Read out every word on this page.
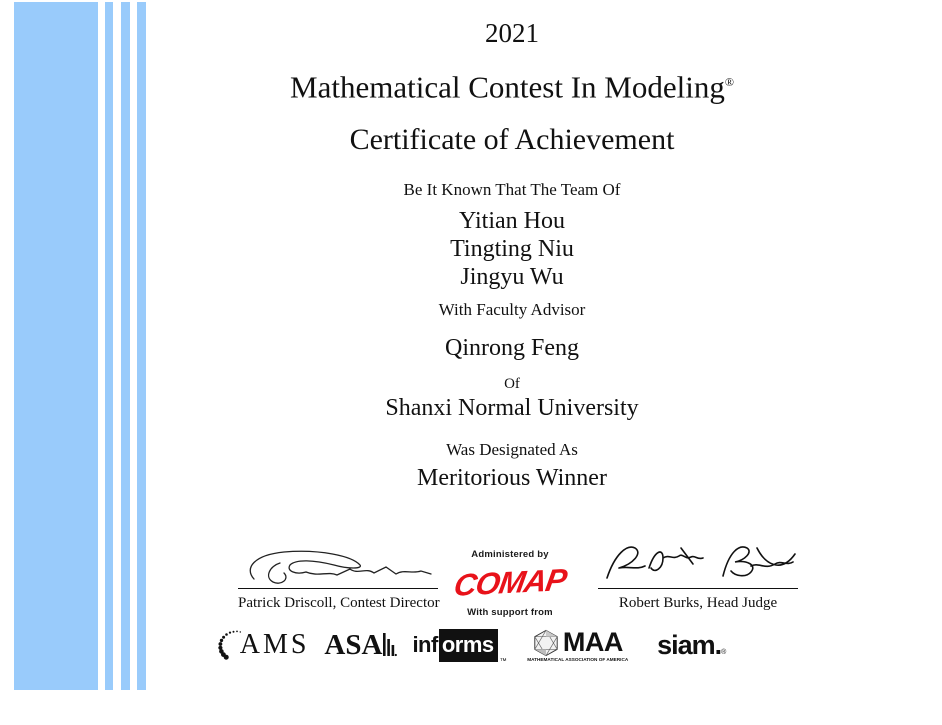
2021
Mathematical Contest In Modeling®
Certificate of Achievement
Be It Known That The Team Of
Yitian Hou
Tingting Niu
Jingyu Wu
With Faculty Advisor
Qinrong Feng
Of
Shanxi Normal University
Was Designated As
Meritorious Winner
Patrick Driscoll, Contest Director
Administered by
COMAP
With support from
Robert Burks, Head Judge
AMS ASA inf orms
™
MAA
MATHEMATICAL ASSOCIATION OF AMERICA
siam.®
